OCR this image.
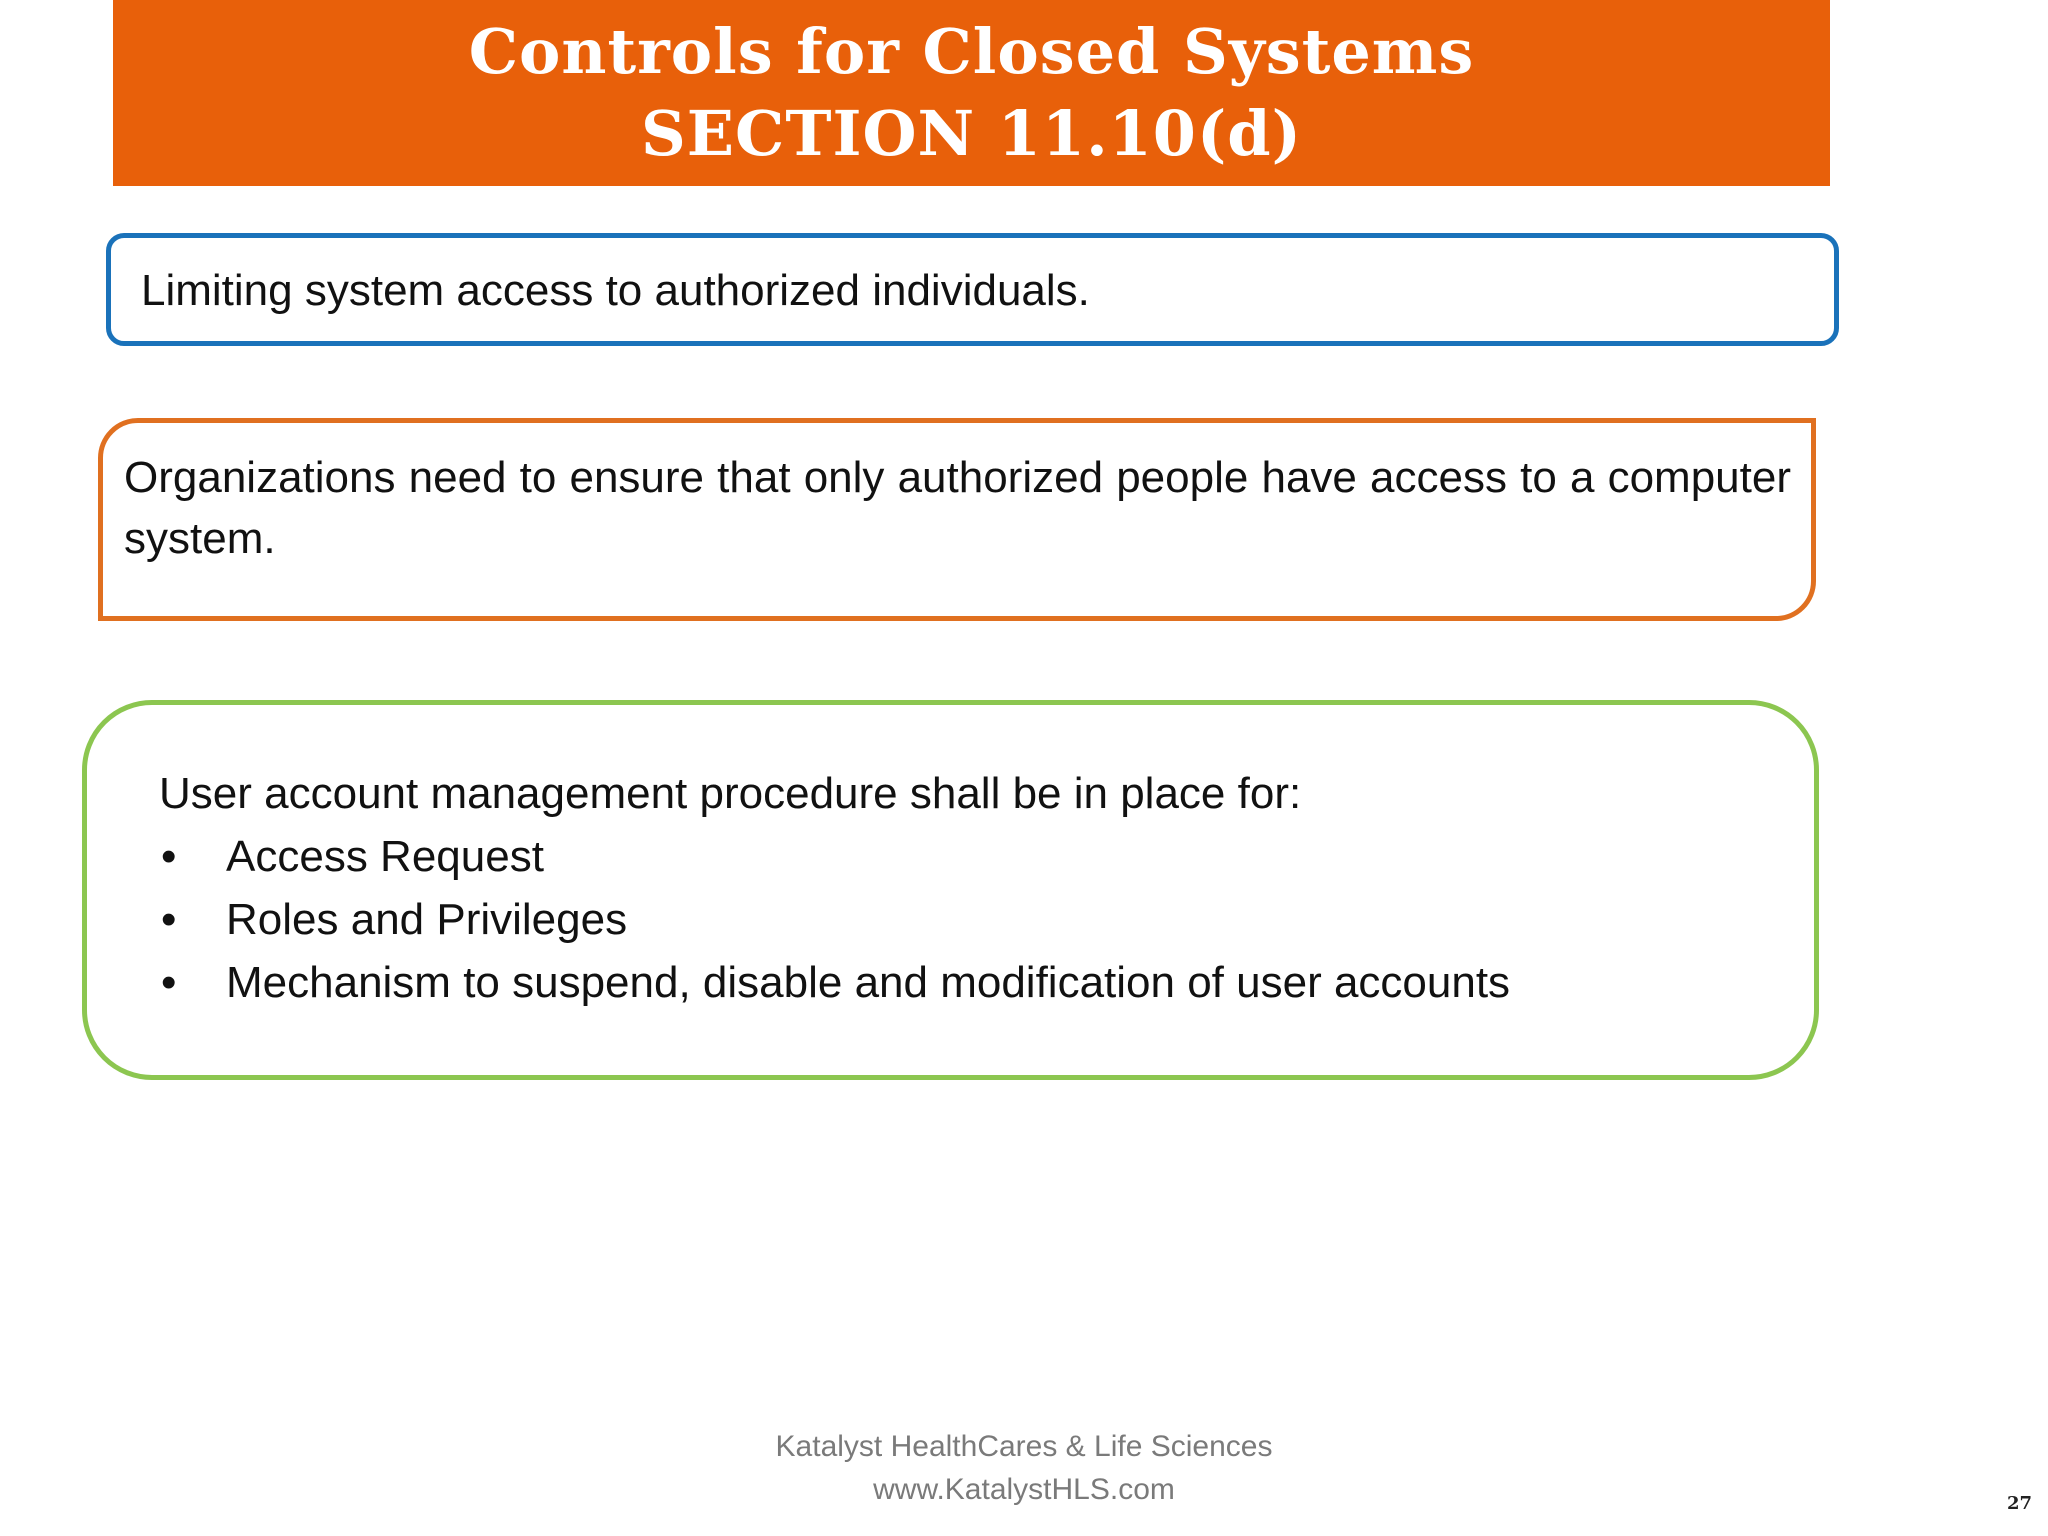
Controls for Closed Systems
SECTION 11.10(d)
Limiting system access to authorized individuals.
Organizations need to ensure that only authorized people have access to a computer system.
User account management procedure shall be in place for:
•	Access Request
•	Roles and Privileges
•	Mechanism to suspend, disable and modification of user accounts
Katalyst HealthCares & Life Sciences
www.KatalystHLS.com	27
